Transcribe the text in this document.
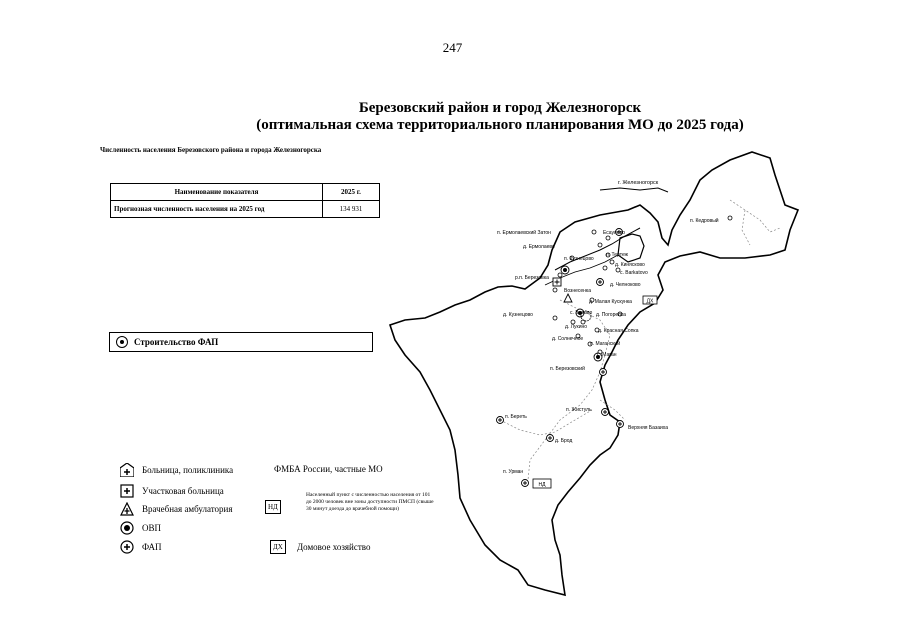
247
Березовский район и город Железногорск
(оптимальная схема территориального планирования МО до 2025 года)
Численность населения Березовского района и города Железногорска
Наименование показателя	2025 г.
Прогнозная численность населения на 2025 год	134 931
Строительство ФАП
Больница, поликлиника
Участковая больница
Врачебная амбулатория
ОВП
ФАП
ФМБА России, частные МО
НД
Населенный пункт с численностью населения от 101 до 2000 человек вне зоны доступности ПМСП (свыше 30 минут доезда до врачебной помощи)
ДХ	Домовое хозяйство
ДХ
НД
г. Железногорск
п. Кедровый
п. Ермолаевский Затон	Есаулово
д. Ермолаево
п. Тертеж
п. Кузнецово
д. Кинясково
с. Barkatovo
д. Челноково
р.п. Березовка
Вознесенка
д. Малая Кускунка
д. Кузнецово	с. Зыково
д. Лукино
д. Погорелка
д. Красная Сопка
д. Солнечное
п. Маганский
с. Маган
п. Березовский
п. Береть
п. Жистуль
д. Брод
Верхняя Базаиха
п. Урман
